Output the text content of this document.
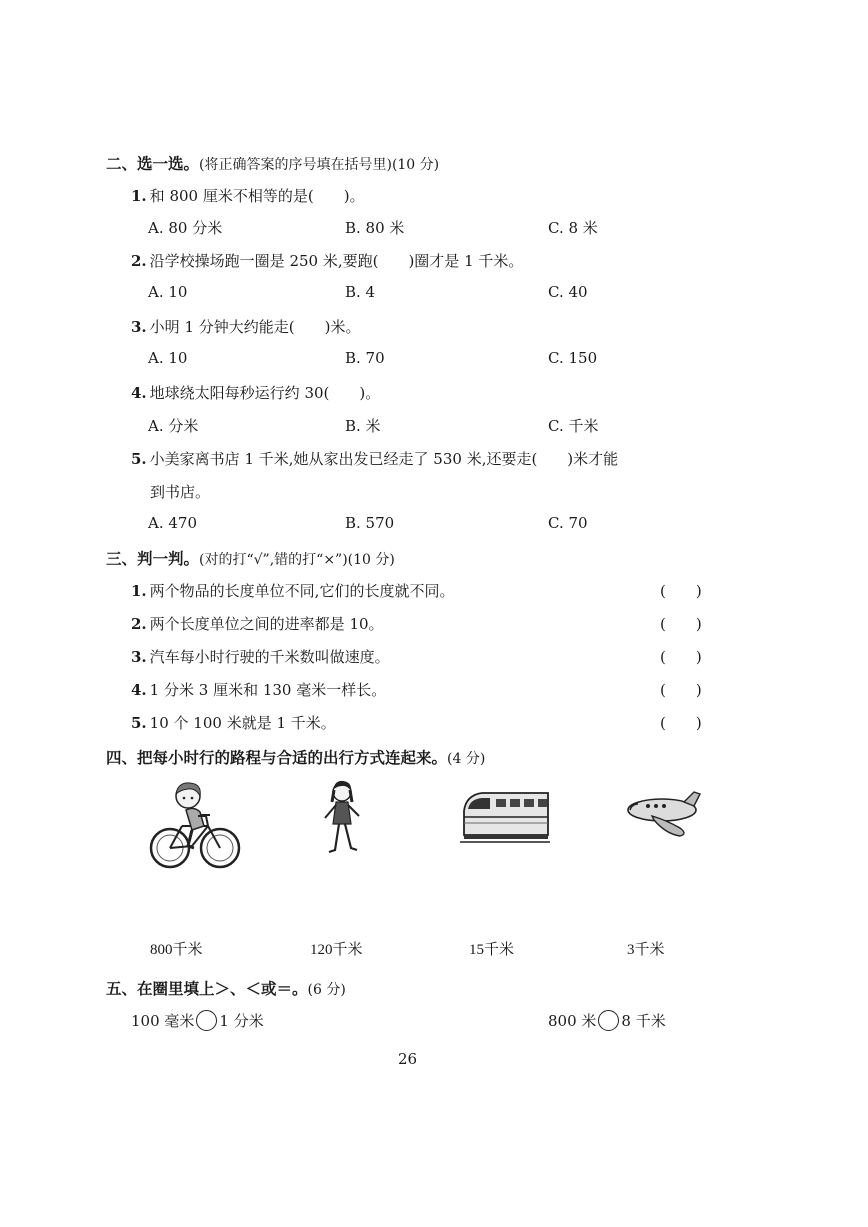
二、选一选。(将正确答案的序号填在括号里)(10 分)
1. 和 800 厘米不相等的是(　　)。
A. 80 分米	B. 80 米	C. 8 米
2. 沿学校操场跑一圈是 250 米,要跑(　　)圈才是 1 千米。
A. 10	B. 4	C. 40
3. 小明 1 分钟大约能走(　　)米。
A. 10	B. 70	C. 150
4. 地球绕太阳每秒运行约 30(　　)。
A. 分米	B. 米	C. 千米
5. 小美家离书店 1 千米,她从家出发已经走了 530 米,还要走(　　)米才能
到书店。
A. 470	B. 570	C. 70
三、判一判。(对的打“√”,错的打“×”)(10 分)
1. 两个物品的长度单位不同,它们的长度就不同。	(　　)
2. 两个长度单位之间的进率都是 10。	(　　)
3. 汽车每小时行驶的千米数叫做速度。	(　　)
4. 1 分米 3 厘米和 130 毫米一样长。	(　　)
5. 10 个 100 米就是 1 千米。	(　　)
四、把每小时行的路程与合适的出行方式连起来。(4 分)
800千米	120千米	15千米	3千米
五、在圈里填上＞、＜或＝。(6 分)
100 毫米 1 分米	800 米 8 千米
26
